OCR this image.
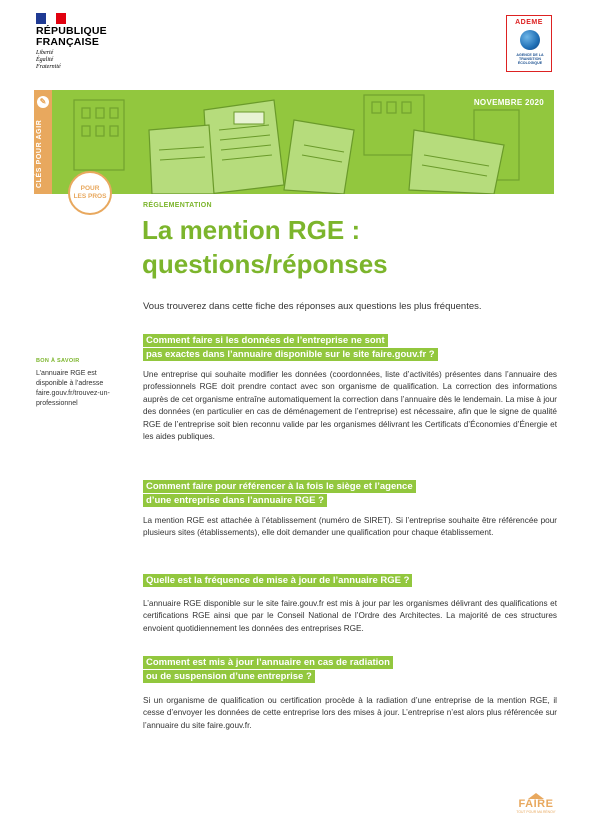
RÉPUBLIQUE
FRANÇAISE
Liberté
Égalité
Fraternité
ADEME
AGENCE DE LA TRANSITION ÉCOLOGIQUE
✎
CLÉS POUR AGIR
NOVEMBRE 2020
POUR
LES PROS
RÉGLEMENTATION
La mention RGE :
questions/réponses
Vous trouverez dans cette fiche des réponses aux questions les plus fréquentes.
BON À SAVOIR
L’annuaire RGE est disponible à l’adresse faire.gouv.fr/trouvez-un-professionnel
Comment faire si les données de l’entreprise ne sont
pas exactes dans l’annuaire disponible sur le site faire.gouv.fr ?
Une entreprise qui souhaite modifier les données (coordonnées, liste d’activités) présentes dans l’annuaire des professionnels RGE doit prendre contact avec son organisme de qualification. La correction des informations auprès de cet organisme entraîne automatiquement la correction dans l’annuaire dès le lendemain. La mise à jour des données (en particulier en cas de déménagement de l’entreprise) est nécessaire, afin que le signe de qualité RGE de l’entreprise soit bien reconnu valide par les organismes délivrant les Certificats d’Économies d’Énergie et les aides publiques.
Comment faire pour référencer à la fois le siège et l’agence
d’une entreprise dans l’annuaire RGE ?
La mention RGE est attachée à l’établissement (numéro de SIRET). Si l’entreprise souhaite être référencée pour plusieurs sites (établissements), elle doit demander une qualification pour chaque établissement.
Quelle est la fréquence de mise à jour de l’annuaire RGE ?
L’annuaire RGE disponible sur le site faire.gouv.fr est mis à jour par les organismes délivrant des qualifications et certifications RGE ainsi que par le Conseil National de l’Ordre des Architectes. La majorité de ces structures envoient quotidiennement les données des entreprises RGE.
Comment est mis à jour l’annuaire en cas de radiation
ou de suspension d’une entreprise ?
Si un organisme de qualification ou certification procède à la radiation d’une entreprise de la mention RGE, il cesse d’envoyer les données de cette entreprise lors des mises à jour. L’entreprise n’est alors plus référencée sur l’annuaire du site faire.gouv.fr.
FAIRE
TOUT POUR MA RÉNOV'
